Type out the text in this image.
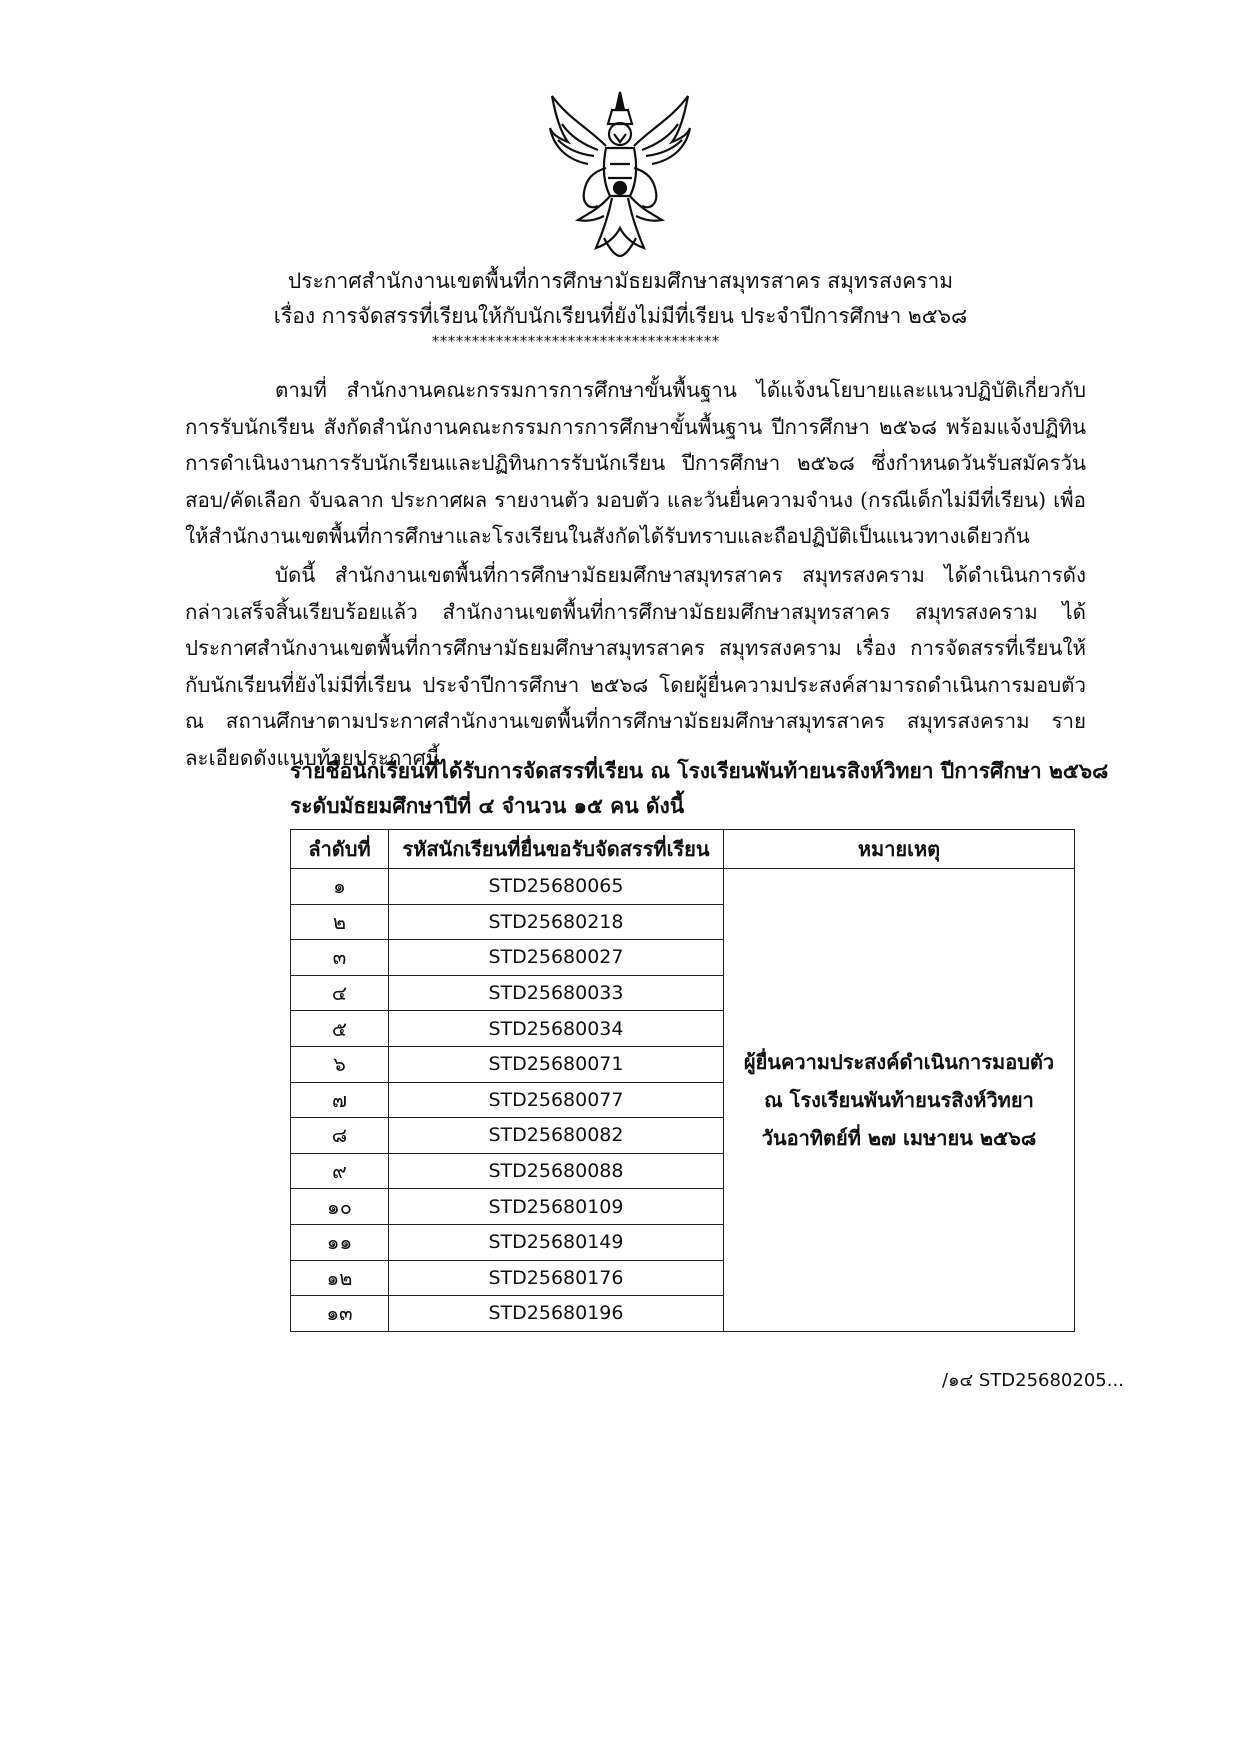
ประกาศสำนักงานเขตพื้นที่การศึกษามัธยมศึกษาสมุทรสาคร สมุทรสงคราม
เรื่อง การจัดสรรที่เรียนให้กับนักเรียนที่ยังไม่มีที่เรียน ประจำปีการศึกษา ๒๕๖๘
************************************
ตามที่ สำนักงานคณะกรรมการการศึกษาขั้นพื้นฐาน ได้แจ้งนโยบายและแนวปฏิบัติเกี่ยวกับการรับนักเรียน สังกัดสำนักงานคณะกรรมการการศึกษาขั้นพื้นฐาน ปีการศึกษา ๒๕๖๘ พร้อมแจ้งปฏิทินการดำเนินงานการรับนักเรียนและปฏิทินการรับนักเรียน ปีการศึกษา ๒๕๖๘ ซึ่งกำหนดวันรับสมัครวันสอบ/คัดเลือก จับฉลาก ประกาศผล รายงานตัว มอบตัว และวันยื่นความจำนง (กรณีเด็กไม่มีที่เรียน) เพื่อให้สำนักงานเขตพื้นที่การศึกษาและโรงเรียนในสังกัดได้รับทราบและถือปฏิบัติเป็นแนวทางเดียวกัน
บัดนี้ สำนักงานเขตพื้นที่การศึกษามัธยมศึกษาสมุทรสาคร สมุทรสงคราม ได้ดำเนินการดังกล่าวเสร็จสิ้นเรียบร้อยแล้ว สำนักงานเขตพื้นที่การศึกษามัธยมศึกษาสมุทรสาคร สมุทรสงคราม ได้ประกาศสำนักงานเขตพื้นที่การศึกษามัธยมศึกษาสมุทรสาคร สมุทรสงคราม เรื่อง การจัดสรรที่เรียนให้กับนักเรียนที่ยังไม่มีที่เรียน ประจำปีการศึกษา ๒๕๖๘ โดยผู้ยื่นความประสงค์สามารถดำเนินการมอบตัว ณ สถานศึกษาตามประกาศสำนักงานเขตพื้นที่การศึกษามัธยมศึกษาสมุทรสาคร สมุทรสงคราม รายละเอียดดังแนบท้ายประกาศนี้
รายชื่อนักเรียนที่ได้รับการจัดสรรที่เรียน ณ โรงเรียนพันท้ายนรสิงห์วิทยา ปีการศึกษา ๒๕๖๘
ระดับมัธยมศึกษาปีที่ ๔ จำนวน ๑๕ คน ดังนี้
ลำดับที่	รหัสนักเรียนที่ยื่นขอรับจัดสรรที่เรียน	หมายเหตุ
๑	STD25680065	ผู้ยื่นความประสงค์ดำเนินการมอบตัว
ณ โรงเรียนพันท้ายนรสิงห์วิทยา
วันอาทิตย์ที่ ๒๗ เมษายน ๒๕๖๘

๒	STD25680218	
๓	STD25680027	
๔	STD25680033	
๕	STD25680034	
๖	STD25680071	
๗	STD25680077	
๘	STD25680082	
๙	STD25680088	
๑๐	STD25680109	
๑๑	STD25680149	
๑๒	STD25680176	
๑๓	STD25680196	
/๑๔ STD25680205...
